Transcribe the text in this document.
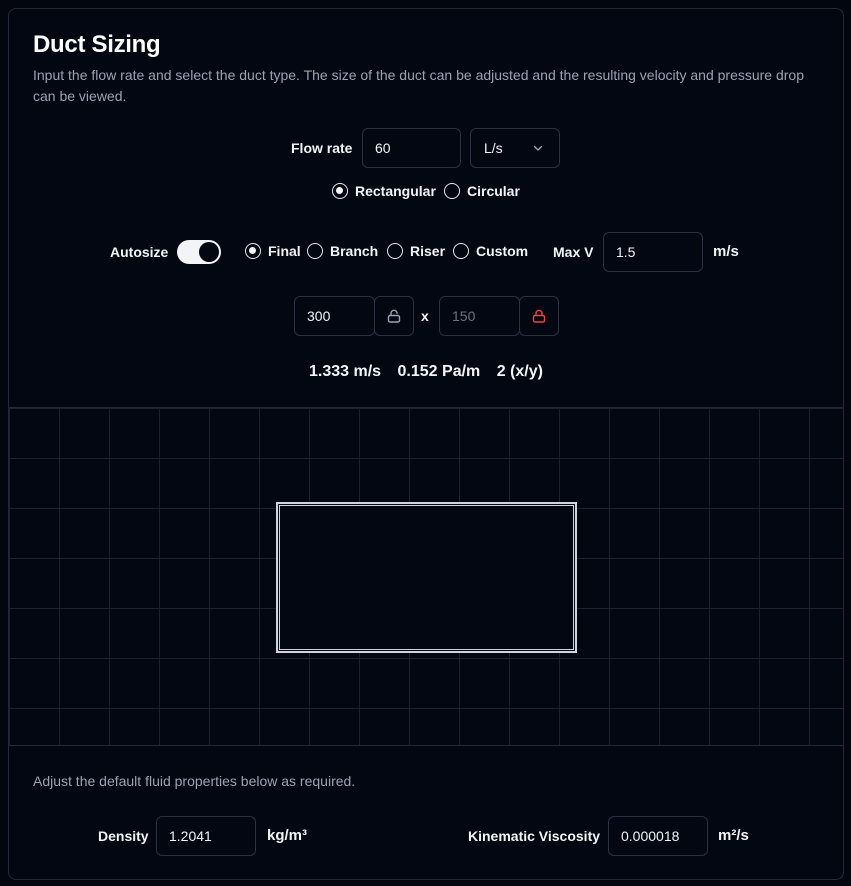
Duct Sizing
Input the flow rate and select the duct type. The size of the duct can be adjusted and the resulting velocity and pressure drop can be viewed.
Flow rate
60	L/s
Rectangular Circular
Autosize	Final Branch Riser Custom Max V
1.5	m/s
300
x
150
1.333 m/s 0.152 Pa/m 2 (x/y)
Adjust the default fluid properties below as required.
Density
1.2041	kg/m³	Kinematic Viscosity
0.000018	m²/s
